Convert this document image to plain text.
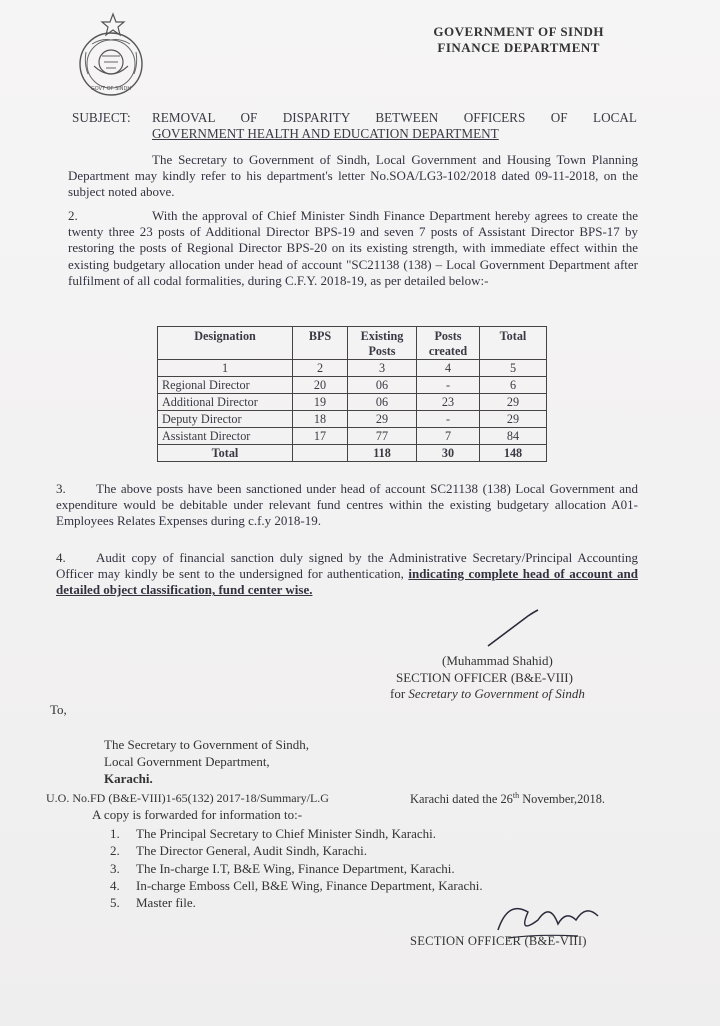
GOVT OF SINDH
GOVERNMENT OF SINDH
FINANCE DEPARTMENT
SUBJECT: REMOVAL OF DISPARITY BETWEEN OFFICERS OF LOCAL
GOVERNMENT HEALTH AND EDUCATION DEPARTMENT
The Secretary to Government of Sindh, Local Government and Housing Town Planning Department may kindly refer to his department's letter No.SOA/LG3-102/2018 dated 09-11-2018, on the subject noted above.
2.	With the approval of Chief Minister Sindh Finance Department hereby agrees to create the twenty three 23 posts of Additional Director BPS-19 and seven 7 posts of Assistant Director BPS-17 by restoring the posts of Regional Director BPS-20 on its existing strength, with immediate effect within the existing budgetary allocation under head of account "SC21138 (138) – Local Government Department after fulfilment of all codal formalities, during C.F.Y. 2018-19, as per detailed below:-
Designation	BPS	Existing Posts	Posts created	Total
1	2	3	4	5
Regional Director	20	06	-	6
Additional Director	19	06	23	29
Deputy Director	18	29	-	29
Assistant Director	17	77	7	84
Total		118	30	148
3.	The above posts have been sanctioned under head of account SC21138 (138) Local Government and expenditure would be debitable under relevant fund centres within the existing budgetary allocation A01-Employees Relates Expenses during c.f.y 2018-19.
4.	Audit copy of financial sanction duly signed by the Administrative Secretary/Principal Accounting Officer may kindly be sent to the undersigned for authentication, indicating complete head of account and detailed object classification, fund center wise.
(Muhammad Shahid)
SECTION OFFICER (B&E-VIII)
for Secretary to Government of Sindh
To,
The Secretary to Government of Sindh,
Local Government Department,
Karachi.
U.O. No.FD (B&E-VIII)1-65(132) 2017-18/Summary/L.G	Karachi dated the 26th November,2018.
A copy is forwarded for information to:-
1. The Principal Secretary to Chief Minister Sindh, Karachi.
2. The Director General, Audit Sindh, Karachi.
3. The In-charge I.T, B&E Wing, Finance Department, Karachi.
4. In-charge Emboss Cell, B&E Wing, Finance Department, Karachi.
5. Master file.
SECTION OFFICER (B&E-VIII)
